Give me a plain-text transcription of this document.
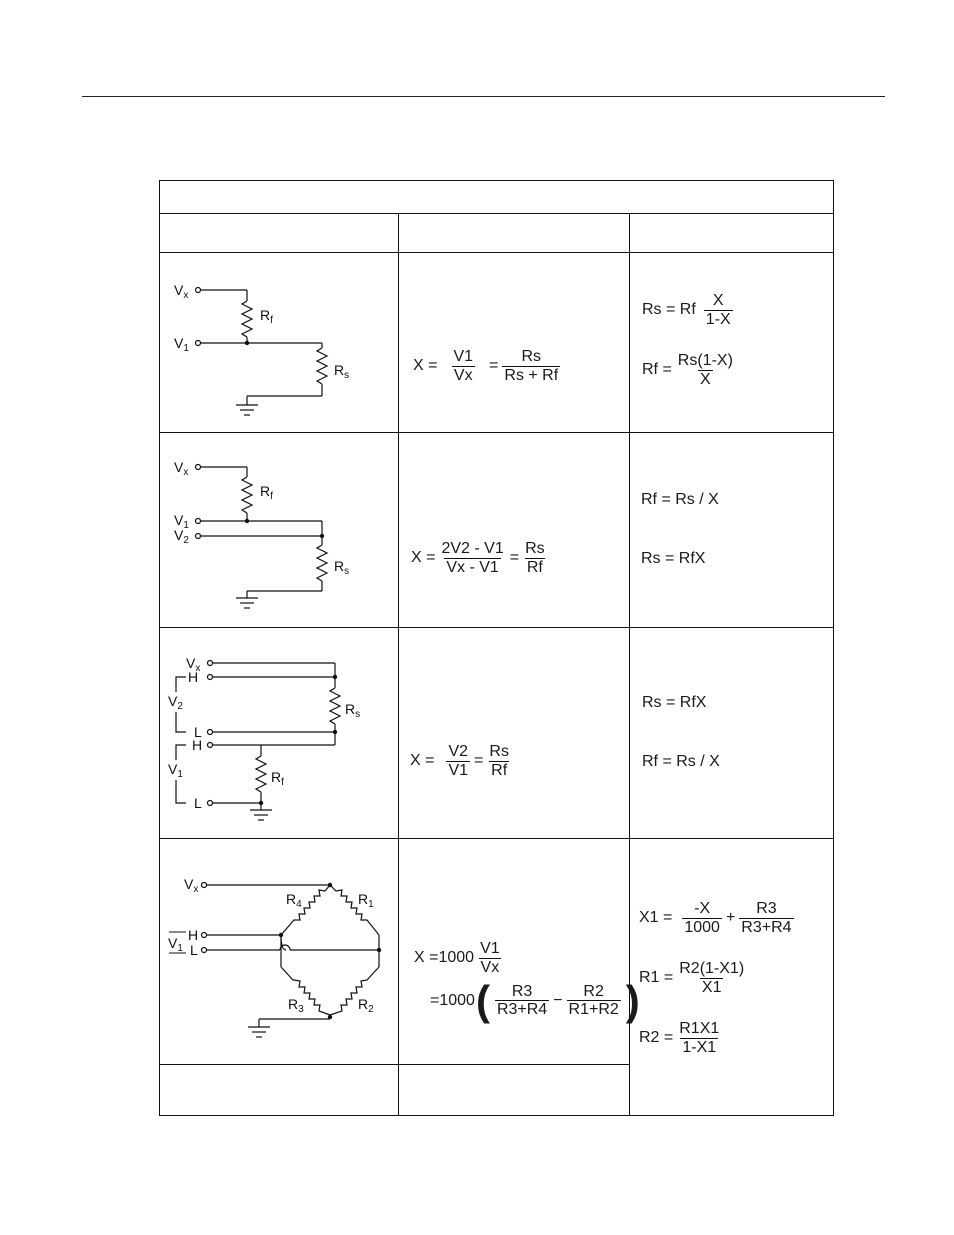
$V_x$
$V_1$
$R_f$
$R_s$
$X = \frac{V1}{Vx} = \frac{Rs}{Rs + Rf}$
Rs = Rf $\frac{X}{1-X}$
$Rf = \frac{Rs(1-X)}{X}$
$V_x$
$V_1$
$V_2$
$R_f$
$R_s$
$X = \frac{2V2 - V1}{Vx - V1} = \frac{Rs}{Rf}$
Rf = Rs / X
Rs = RfX
$V_x$
H
$V_2$
L
H
$V_1$
L
$R_s$
$R_f$
$X = \frac{V2}{V1} = \frac{Rs}{Rf}$
Rs = RfX
Rf = Rs / X
$V_x$
H
L
$V_1$
$R_4$	$R_1$
$R_3$	$R_2$
$X =1000 \frac{V1}{Vx}$
=1000 ( $\frac{R3}{R3+R4} - \frac{R2}{R1+R2}$ )
$X1 = \frac{-X}{1000} + \frac{R3}{R3+R4}$
$R1 = \frac{R2(1-X1)}{X1}$
$R2 = \frac{R1X1}{1-X1}$
